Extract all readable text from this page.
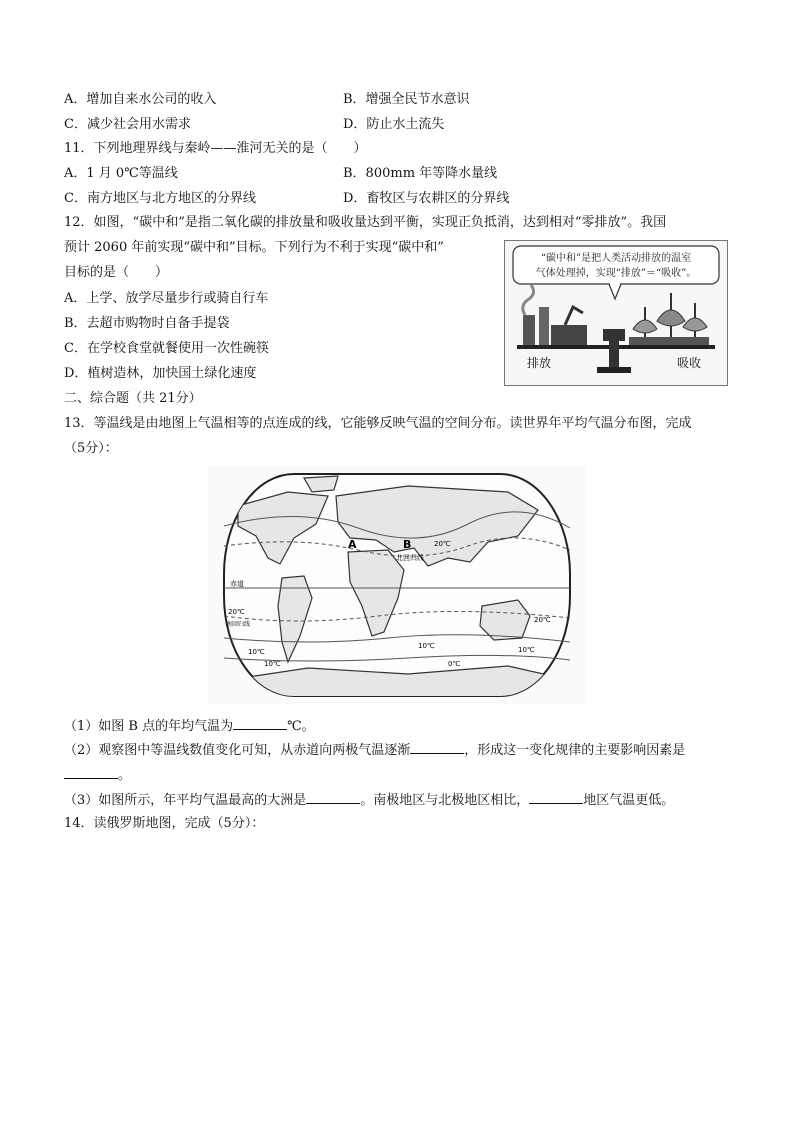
A．增加自来水公司的收入	B．增强全民节水意识
C．减少社会用水需求	D．防止水土流失
11．下列地理界线与秦岭——淮河无关的是（　　）
A．1 月 0℃等温线	B．800mm 年等降水量线
C．南方地区与北方地区的分界线	D．畜牧区与农耕区的分界线
12．如图，“碳中和”是指二氧化碳的排放量和吸收量达到平衡，实现正负抵消，达到相对“零排放”。我国
预计 2060 年前实现“碳中和”目标。下列行为不利于实现“碳中和”
目标的是（　　）
A．上学、放学尽量步行或骑自行车
B．去超市购物时自备手提袋
C．在学校食堂就餐使用一次性碗筷
D．植树造林，加快国土绿化速度
“碳中和”是把人类活动排放的温室
气体处理掉，实现“排放”＝“吸收”。
排放	吸收
二、综合题（共 21分）
13．等温线是由地图上气温相等的点连成的线，它能够反映气温的空间分布。读世界年平均气温分布图，完成
（5分）：
A	B	20℃
北回归线
赤道
20℃
南回归线
10℃
10℃
0℃
20℃
10℃
10℃
（1）如图 B 点的年均气温为	℃。
（2）观察图中等温线数值变化可知，从赤道向两极气温逐渐	，形成这一变化规律的主要影响因素是
。
（3）如图所示，年平均气温最高的大洲是	。南极地区与北极地区相比，	地区气温更低。
14．读俄罗斯地图，完成（5分）：
